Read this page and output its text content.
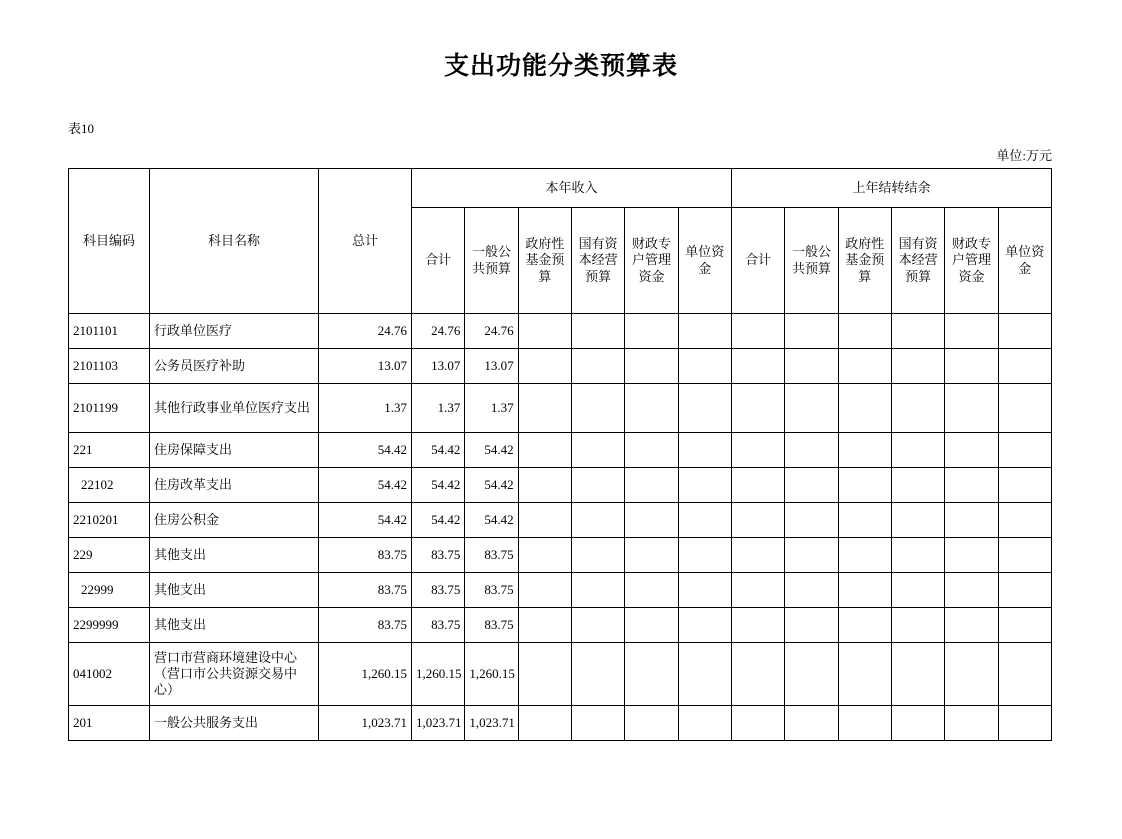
支出功能分类预算表
表10
单位:万元
科目编码	科目名称	总计	本年收入						上年结转结余					
			合计	一般公共预算	政府性基金预算	国有资本经营预算	财政专户管理资金	单位资金	合计	一般公共预算	政府性基金预算	国有资本经营预算	财政专户管理资金	单位资金

2101101	行政单位医疗	24.76	24.76	24.76										
2101103	公务员医疗补助	13.07	13.07	13.07										
2101199	其他行政事业单位医疗支出	1.37	1.37	1.37										
221	住房保障支出	54.42	54.42	54.42										
22102	住房改革支出	54.42	54.42	54.42										
2210201	住房公积金	54.42	54.42	54.42										
229	其他支出	83.75	83.75	83.75										
22999	其他支出	83.75	83.75	83.75										
2299999	其他支出	83.75	83.75	83.75										
041002	营口市营商环境建设中心（营口市公共资源交易中心）	1,260.15	1,260.15	1,260.15										
201	一般公共服务支出	1,023.71	1,023.71	1,023.71										
